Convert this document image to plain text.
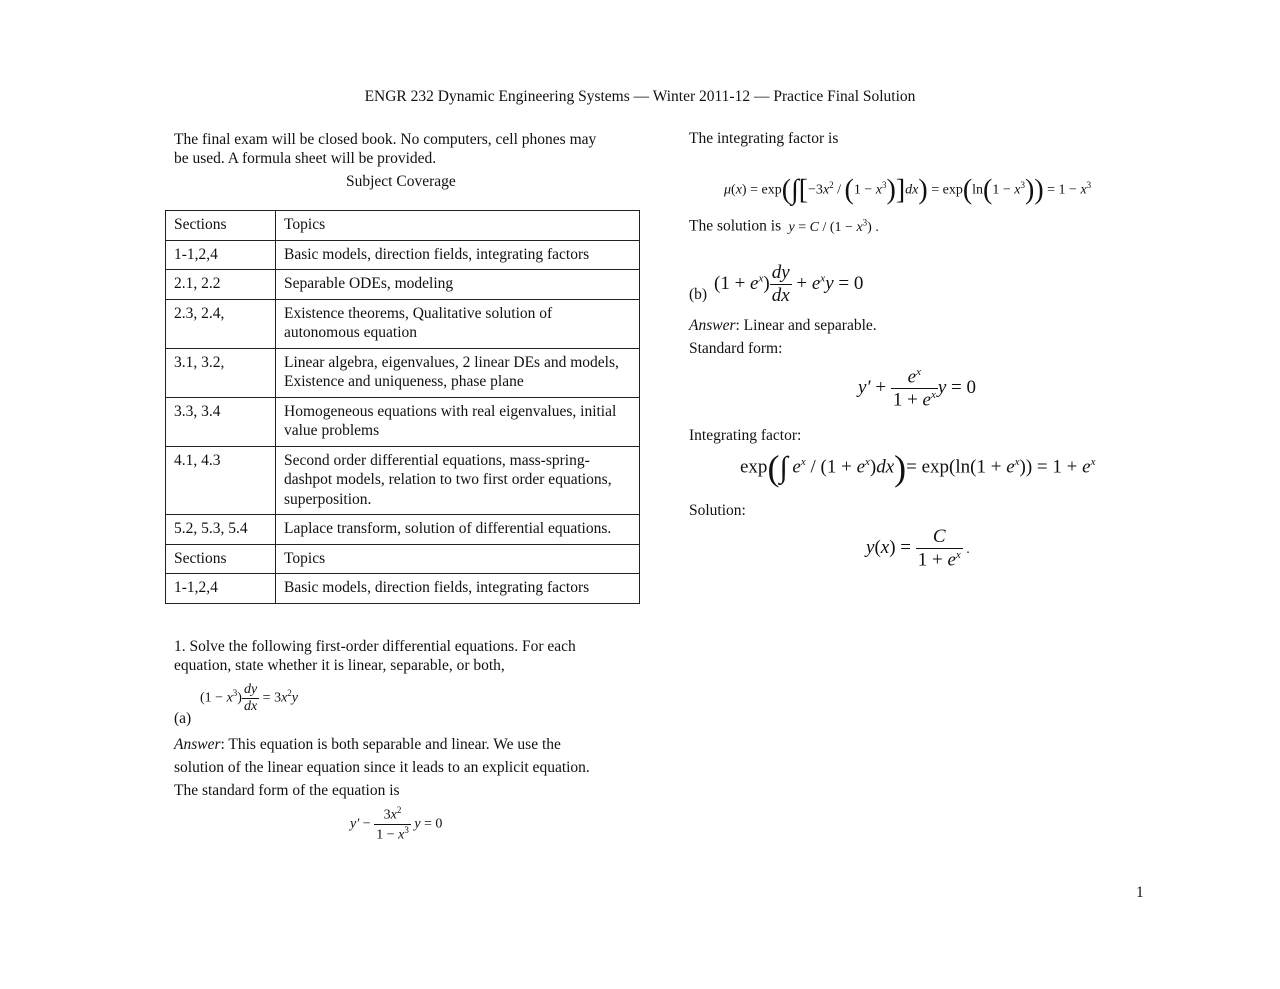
ENGR 232 Dynamic Engineering Systems — Winter 2011-12 — Practice Final Solution
The final exam will be closed book. No computers, cell phones may
be used. A formula sheet will be provided.
Subject Coverage
Sections	Topics
1-1,2,4	Basic models, direction fields, integrating factors
2.1, 2.2	Separable ODEs, modeling
2.3, 2.4,	Existence theorems, Qualitative solution of autonomous equation
3.1, 3.2,	Linear algebra, eigenvalues, 2 linear DEs and models, Existence and uniqueness, phase plane
3.3, 3.4	Homogeneous equations with real eigenvalues, initial value problems
4.1, 4.3	Second order differential equations, mass-spring-dashpot models, relation to two first order equations, superposition.
5.2, 5.3, 5.4	Laplace transform, solution of differential equations.
Sections	Topics
1-1,2,4	Basic models, direction fields, integrating factors
1. Solve the following first-order differential equations. For each
equation, state whether it is linear, separable, or both,
$(1 - x^3) \frac{dy}{dx} = 3x^2y$
(a)
Answer: This equation is both separable and linear. We use the
solution of the linear equation since it leads to an explicit equation.
The standard form of the equation is
$y' - \frac{3x^2}{1 - x^3}$ y = 0
The integrating factor is
$\mu(x) = \exp(\int[-3x^2 / (1 - x^3)]dx) = \exp(\ln(1 - x^3)) = 1 - x^3$
The solution is  $y = C / (1 - x^3)$ .
(b)
$(1 + e^x) \frac{dy}{dx} + e^xy = 0$
Answer: Linear and separable.
Standard form:
$y' + \frac{e^x}{1 + e^x}$ y = 0
Integrating factor:
exp(∫ $e^x / (1 + e^x)dx)= \exp(\ln(1 + e^x)) = 1 + e^x$
Solution:
$y(x) = \frac{C}{1 + e^x}$ .
1
